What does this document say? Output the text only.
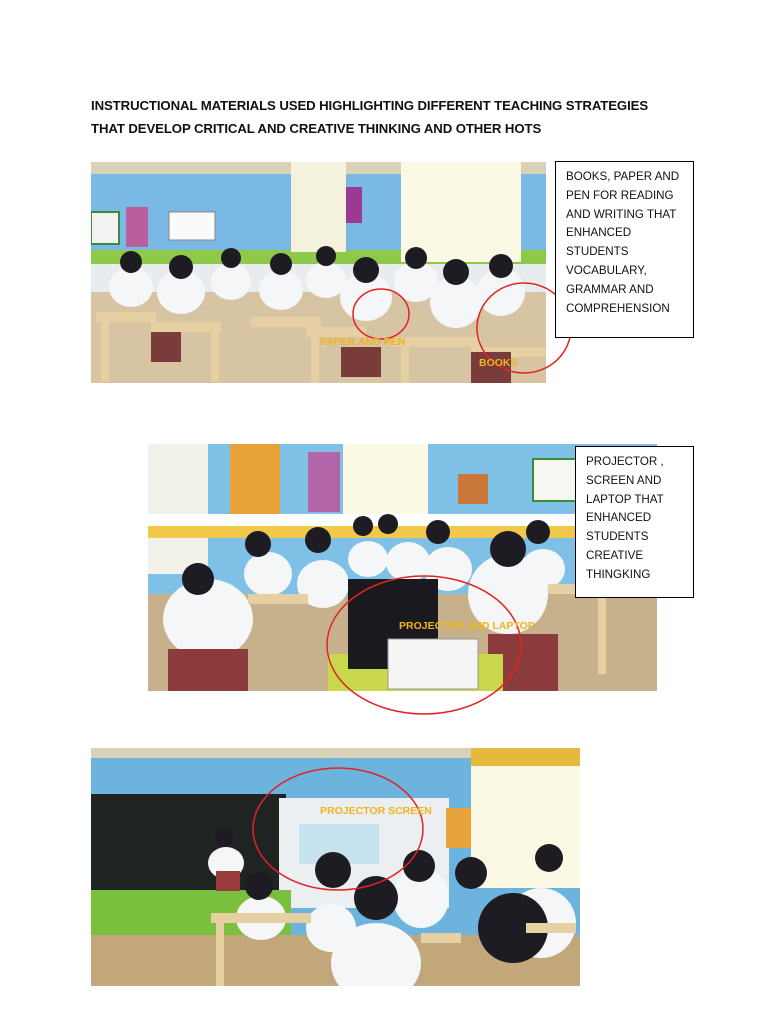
INSTRUCTIONAL MATERIALS USED HIGHLIGHTING DIFFERENT TEACHING STRATEGIES
THAT DEVELOP CRITICAL AND CREATIVE THINKING AND OTHER HOTS
PAPER AND PEN
BOOKS
BOOKS, PAPER AND
PEN FOR READING
AND WRITING THAT
ENHANCED
STUDENTS
VOCABULARY,
GRAMMAR AND
COMPREHENSION
PROJECTOR AND LAPTOP
PROJECTOR ,
SCREEN AND
LAPTOP THAT
ENHANCED
STUDENTS
CREATIVE
THINGKING
PROJECTOR SCREEN
